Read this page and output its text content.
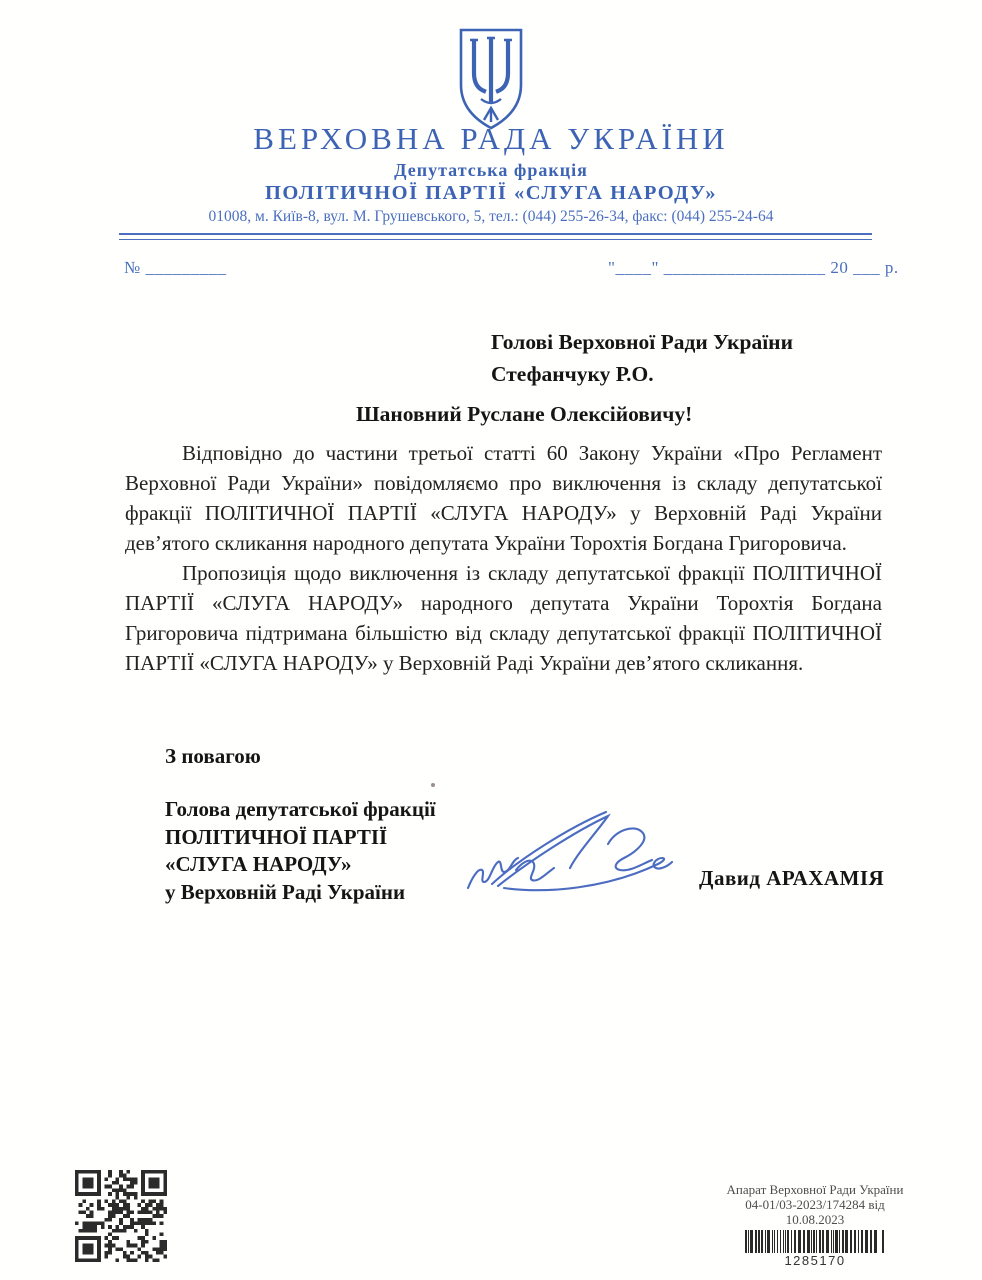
ВЕРХОВНА РАДА УКРАЇНИ
Депутатська фракція
ПОЛІТИЧНОЇ ПАРТІЇ «СЛУГА НАРОДУ»
01008, м. Київ-8, вул. М. Грушевського, 5, тел.: (044) 255-26-34, факс: (044) 255-24-64
№ _________	"____" __________________ 20 ___ р.
Голові Верховної Ради України
Стефанчуку Р.О.
Шановний Руслане Олексійовичу!

Відповідно до частини третьої статті 60 Закону України «Про Регламент Верховної Ради України» повідомляємо про виключення із складу депутатської фракції ПОЛІТИЧНОЇ ПАРТІЇ «СЛУГА НАРОДУ» у Верховній Раді України дев’ятого скликання народного депутата України Торохтія Богдана Григоровича.

Пропозиція щодо виключення із складу депутатської фракції ПОЛІТИЧНОЇ ПАРТІЇ «СЛУГА НАРОДУ» народного депутата України Торохтія Богдана Григоровича підтримана більшістю від складу депутатської фракції ПОЛІТИЧНОЇ ПАРТІЇ «СЛУГА НАРОДУ» у Верховній Раді України дев’ятого скликання.

З повагою
Голова депутатської фракції
ПОЛІТИЧНОЇ ПАРТІЇ
«СЛУГА НАРОДУ»
у Верховній Раді України
Давид АРАХАМІЯ
Апарат Верховної Ради України
04-01/03-2023/174284 від 10.08.2023
1285170
